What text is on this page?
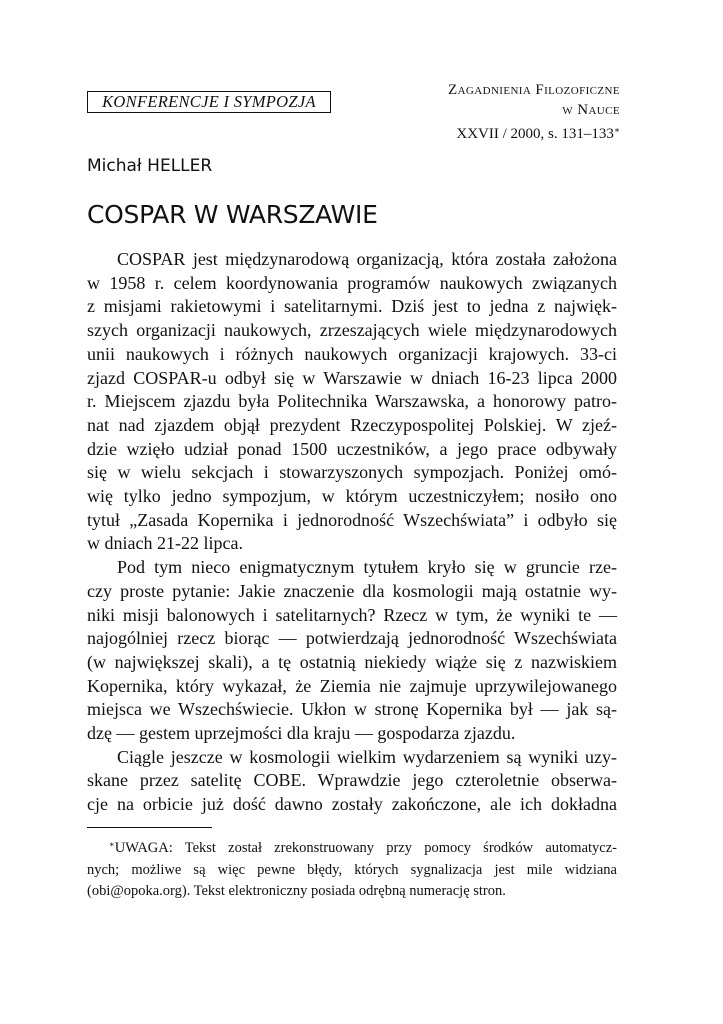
KONFERENCJE I SYMPOZJA
Zagadnienia Filozoficzne
w Nauce
XXVII / 2000, s. 131–133∗
Michał HELLER
COSPAR W WARSZAWIE
COSPAR jest międzynarodową organizacją, która została założona
w 1958 r. celem koordynowania programów naukowych związanych
z misjami rakietowymi i satelitarnymi. Dziś jest to jedna z najwięk-
szych organizacji naukowych, zrzeszających wiele międzynarodowych
unii naukowych i różnych naukowych organizacji krajowych. 33-ci
zjazd COSPAR-u odbył się w Warszawie w dniach 16-23 lipca 2000
r. Miejscem zjazdu była Politechnika Warszawska, a honorowy patro-
nat nad zjazdem objął prezydent Rzeczypospolitej Polskiej. W zjeź-
dzie wzięło udział ponad 1500 uczestników, a jego prace odbywały
się w wielu sekcjach i stowarzyszonych sympozjach. Poniżej omó-
wię tylko jedno sympozjum, w którym uczestniczyłem; nosiło ono
tytuł „Zasada Kopernika i jednorodność Wszechświata” i odbyło się
w dniach 21-22 lipca.
Pod tym nieco enigmatycznym tytułem kryło się w gruncie rze-
czy proste pytanie: Jakie znaczenie dla kosmologii mają ostatnie wy-
niki misji balonowych i satelitarnych? Rzecz w tym, że wyniki te —
najogólniej rzecz biorąc — potwierdzają jednorodność Wszechświata
(w największej skali), a tę ostatnią niekiedy wiąże się z nazwiskiem
Kopernika, który wykazał, że Ziemia nie zajmuje uprzywilejowanego
miejsca we Wszechświecie. Ukłon w stronę Kopernika był — jak są-
dzę — gestem uprzejmości dla kraju — gospodarza zjazdu.
Ciągle jeszcze w kosmologii wielkim wydarzeniem są wyniki uzy-
skane przez satelitę COBE. Wprawdzie jego czteroletnie obserwa-
cje na orbicie już dość dawno zostały zakończone, ale ich dokładna
∗UWAGA: Tekst został zrekonstruowany przy pomocy środków automatycz-
nych; możliwe są więc pewne błędy, których sygnalizacja jest mile widziana
(obi@opoka.org). Tekst elektroniczny posiada odrębną numerację stron.
